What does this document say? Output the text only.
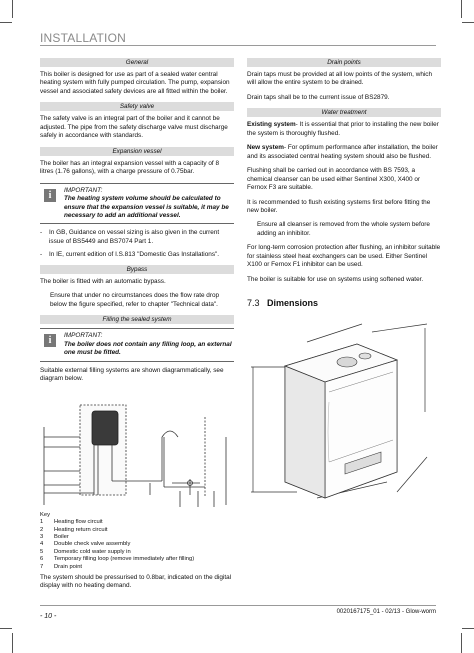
INSTALLATION
General

This boiler is designed for use as part of a sealed water central heating system with fully pumped circulation. The pump, expansion vessel and associated safety devices are all fitted within the boiler.

Safety valve

The safety valve is an integral part of the boiler and it cannot be adjusted. The pipe from the safety discharge valve must discharge safely in accordance with standards.

Expansion vessel

The boiler has an integral expansion vessel with a capacity of 8 litres (1.76 gallons), with a charge pressure of 0.75bar.

i	IMPORTANT:
The heating system volume should be calculated to ensure that the expansion vessel is suitable, it may be necessary to add an additional vessel.
-	In GB, Guidance on vessel sizing is also given in the current issue of BS5449 and BS7074 Part 1.
-	In IE, current edition of I.S.813 "Domestic Gas Installations".
Bypass

The boiler is fitted with an automatic bypass.

Ensure that under no circumstances does the flow rate drop below the figure specified, refer to chapter "Technical data".

Filling the sealed system
i	IMPORTANT:
The boiler does not contain any filling loop, an external one must be fitted.

Suitable external filling systems are shown diagrammatically, see diagram below.

Key
1	Heating flow circuit
2	Heating return circuit
3	Boiler
4	Double check valve assembly
5	Domestic cold water supply in
6	Temporary filling loop (remove immediately after filling)
7	Drain point

The system should be pressurised to 0.8bar, indicated on the digital display with no heating demand.

Drain points

Drain taps must be provided at all low points of the system, which will allow the entire system to be drained.

Drain taps shall be to the current issue of BS2879.

Water treatment

Existing system- It is essential that prior to installing the new boiler the system is thoroughly flushed.

New system- For optimum performance after installation, the boiler and its associated central heating system should also be flushed.

Flushing shall be carried out in accordance with BS 7593, a chemical cleanser can be used either Sentinel X300, X400 or Fernox F3 are suitable.

It is recommended to flush existing systems first before fitting the new boiler.

Ensure all cleanser is removed from the whole system before adding an inhibitor.

For long-term corrosion protection after flushing, an inhibitor suitable for stainless steel heat exchangers can be used. Either Sentinel X100 or Fernox F1 inhibitor can be used.

The boiler is suitable for use on systems using softened water.

7.3 Dimensions
- 10 -
0020167175_01 - 02/13 - Glow-worm
